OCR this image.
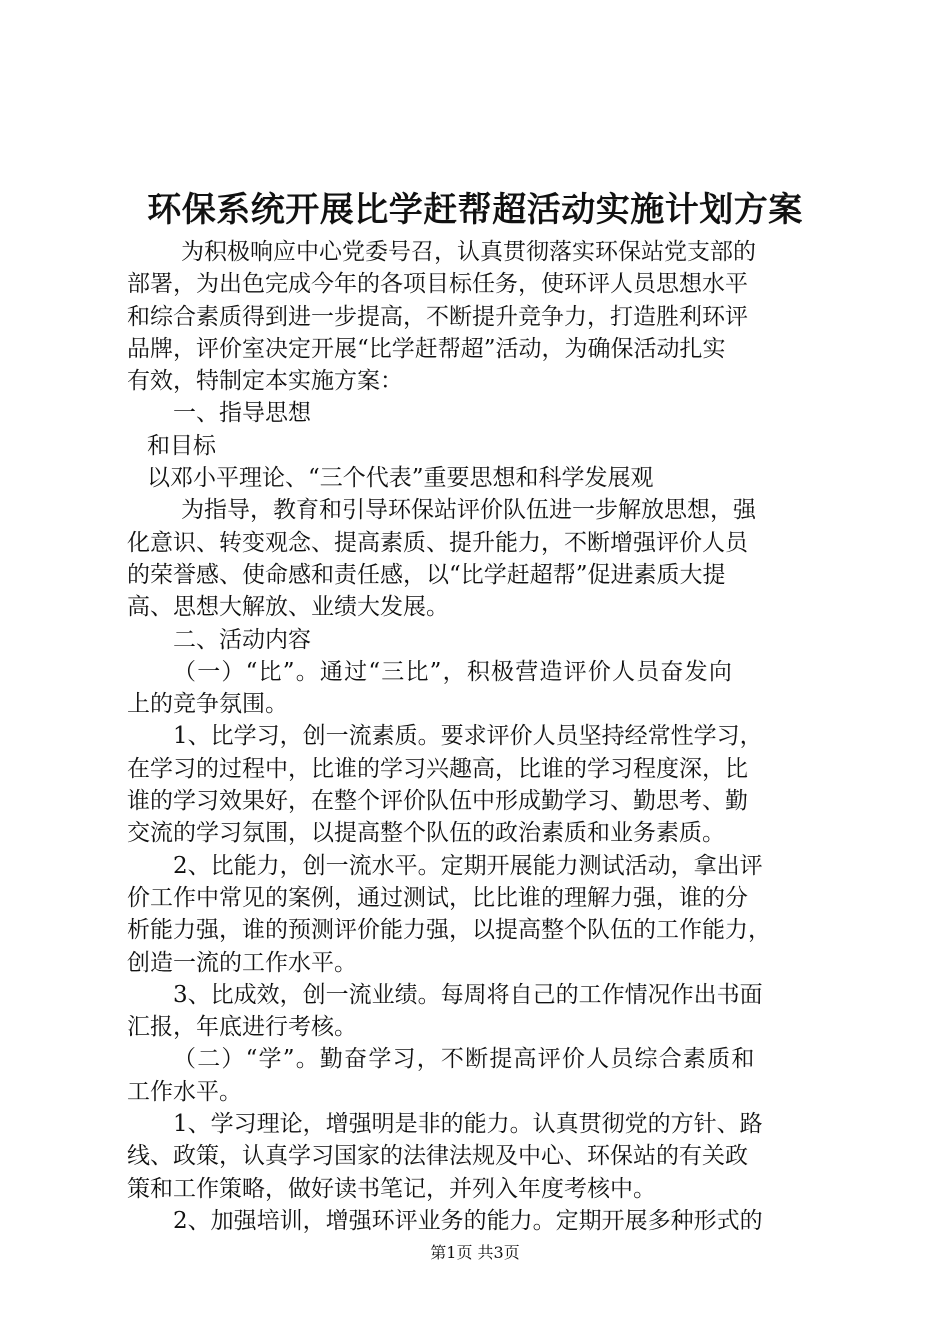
环保系统开展比学赶帮超活动实施计划方案
为积极响应中心党委号召，认真贯彻落实环保站党支部的
部署，为出色完成今年的各项目标任务，使环评人员思想水平
和综合素质得到进一步提高，不断提升竞争力，打造胜利环评
品牌，评价室决定开展“比学赶帮超”活动，为确保活动扎实
有效，特制定本实施方案：
一、指导思想
和目标
以邓小平理论、“三个代表”重要思想和科学发展观
为指导，教育和引导环保站评价队伍进一步解放思想，强
化意识、转变观念、提高素质、提升能力，不断增强评价人员
的荣誉感、使命感和责任感，以“比学赶超帮”促进素质大提
高、思想大解放、业绩大发展。
二、活动内容
（一）“比”。通过“三比”，积极营造评价人员奋发向
上的竞争氛围。
1、比学习，创一流素质。要求评价人员坚持经常性学习，
在学习的过程中，比谁的学习兴趣高，比谁的学习程度深，比
谁的学习效果好，在整个评价队伍中形成勤学习、勤思考、勤
交流的学习氛围，以提高整个队伍的政治素质和业务素质。
2、比能力，创一流水平。定期开展能力测试活动，拿出评
价工作中常见的案例，通过测试，比比谁的理解力强，谁的分
析能力强，谁的预测评价能力强，以提高整个队伍的工作能力，
创造一流的工作水平。
3、比成效，创一流业绩。每周将自己的工作情况作出书面
汇报，年底进行考核。
（二）“学”。勤奋学习，不断提高评价人员综合素质和
工作水平。
1、学习理论，增强明是非的能力。认真贯彻党的方针、路
线、政策，认真学习国家的法律法规及中心、环保站的有关政
策和工作策略，做好读书笔记，并列入年度考核中。
2、加强培训，增强环评业务的能力。定期开展多种形式的
第1页 共3页
